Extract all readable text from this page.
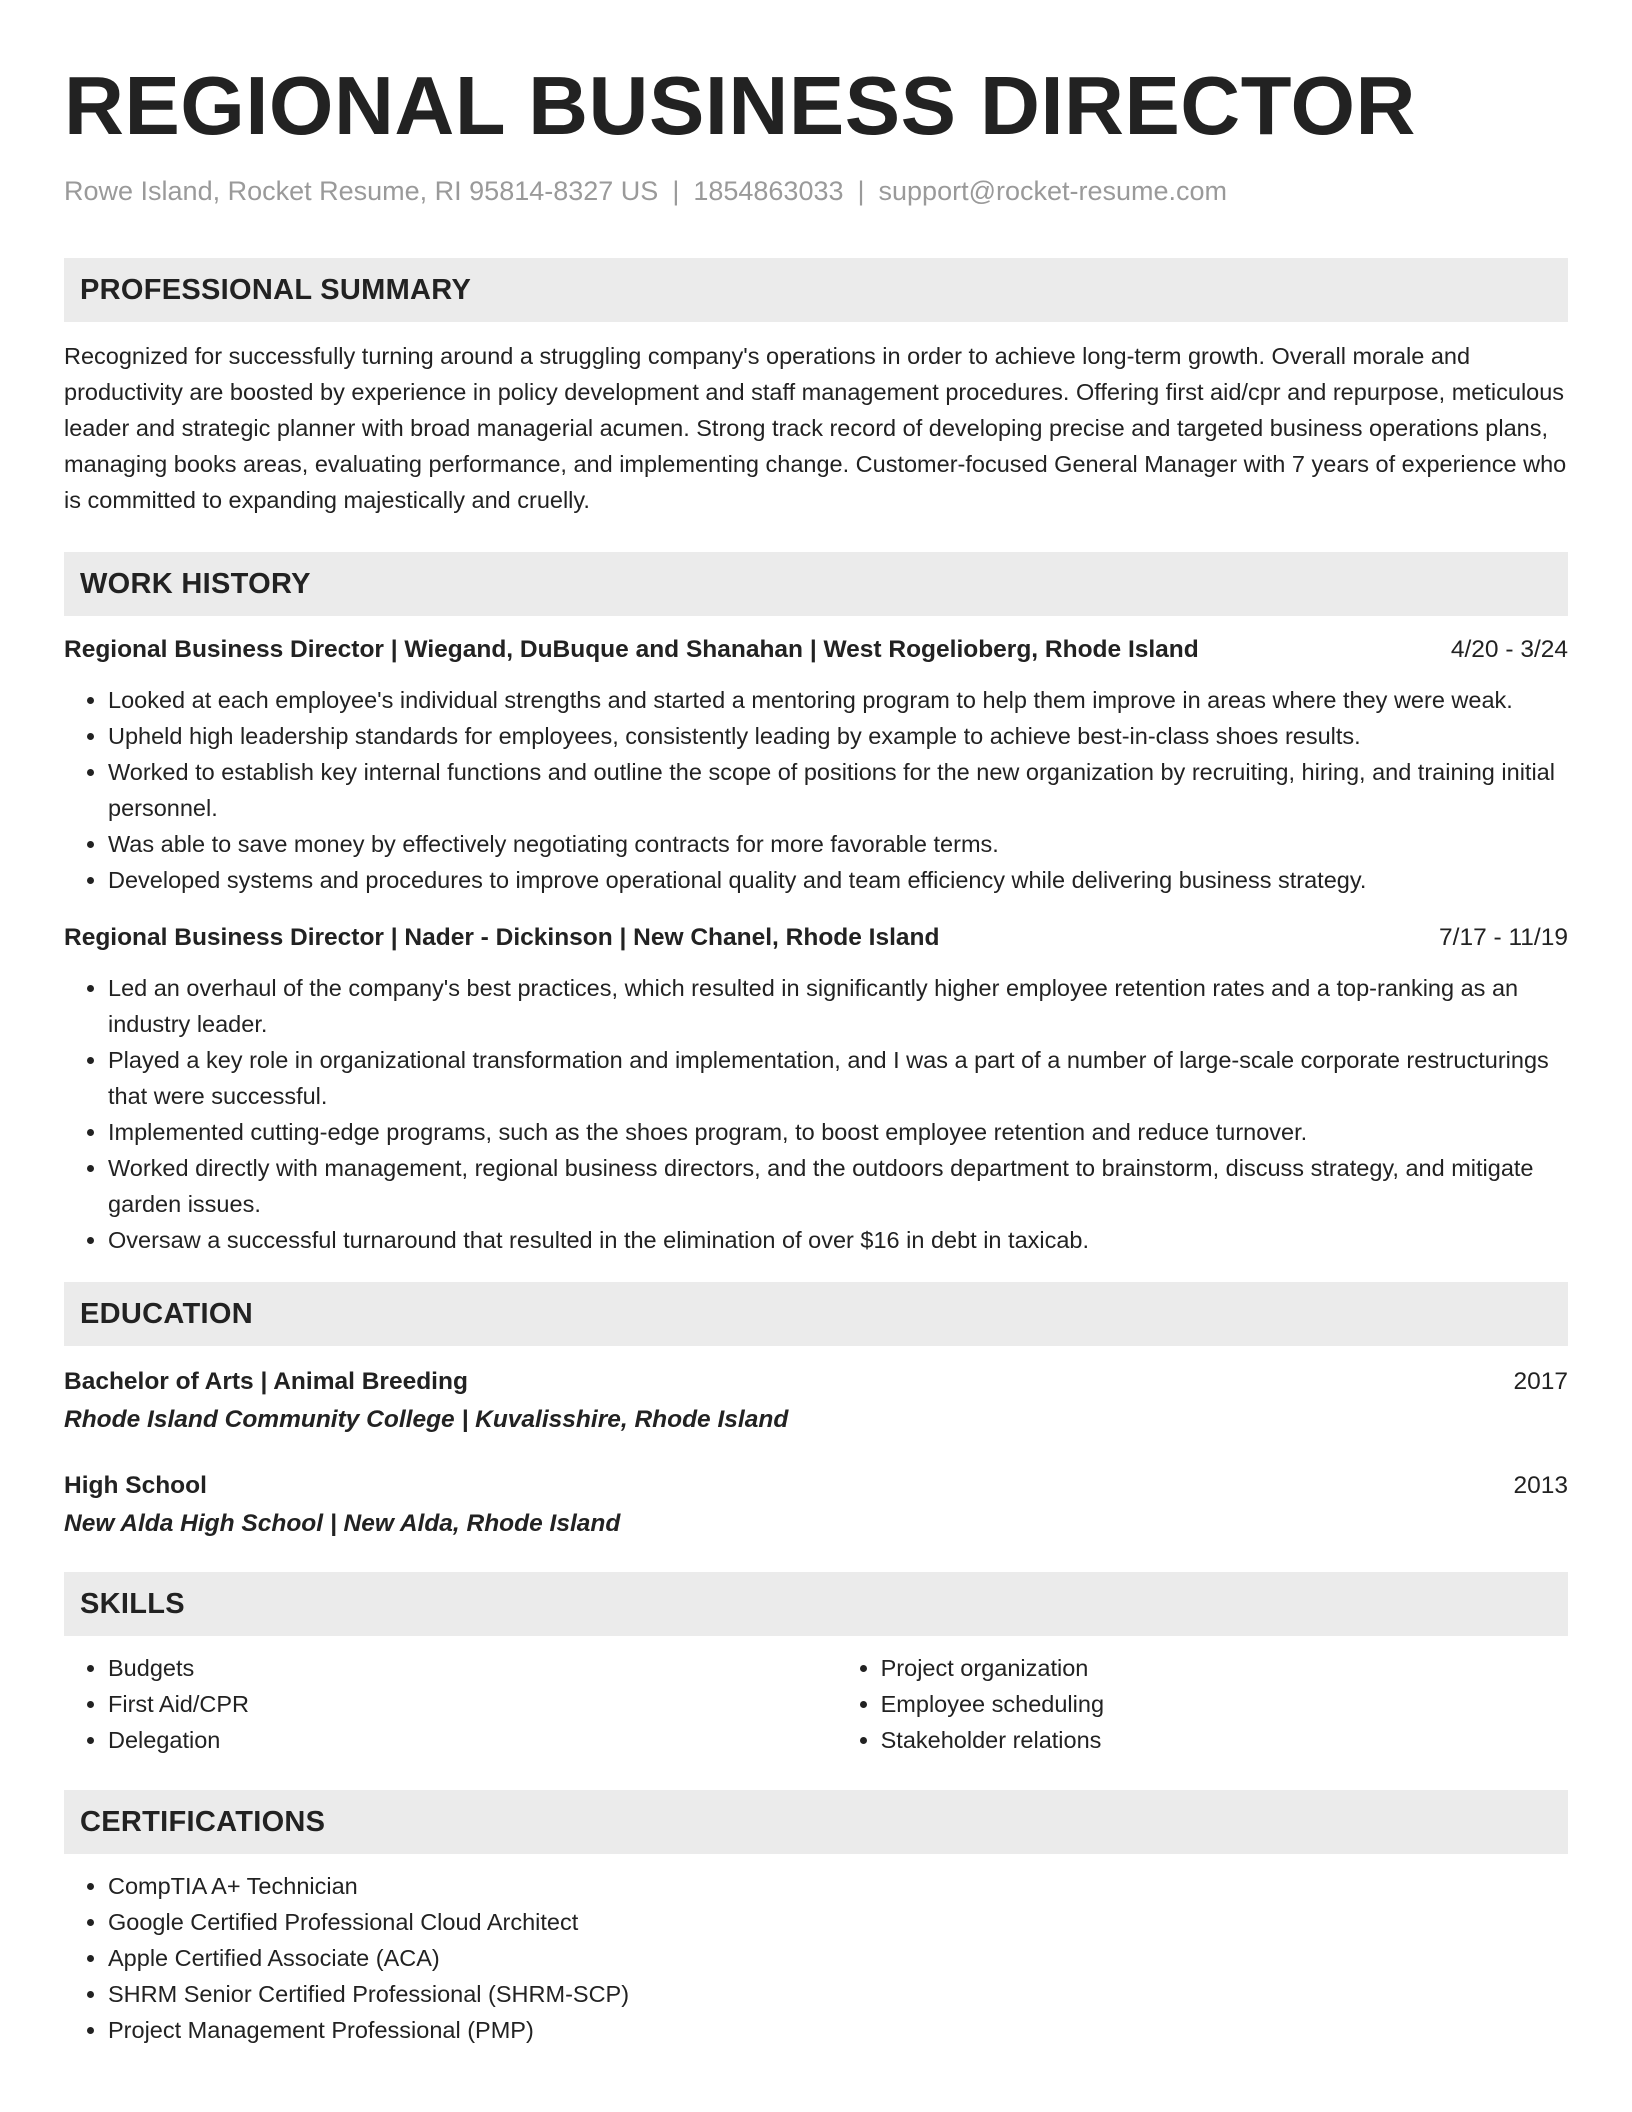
REGIONAL BUSINESS DIRECTOR
Rowe Island, Rocket Resume, RI 95814-8327 US | 1854863033 | support@rocket-resume.com
PROFESSIONAL SUMMARY

Recognized for successfully turning around a struggling company's operations in order to achieve long-term growth. Overall morale and productivity are boosted by experience in policy development and staff management procedures. Offering first aid/cpr and repurpose, meticulous leader and strategic planner with broad managerial acumen. Strong track record of developing precise and targeted business operations plans, managing books areas, evaluating performance, and implementing change. Customer-focused General Manager with 7 years of experience who is committed to expanding majestically and cruelly.

WORK HISTORY
Regional Business Director | Wiegand, DuBuque and Shanahan | West Rogelioberg, Rhode Island	4/20 - 3/24
• Looked at each employee's individual strengths and started a mentoring program to help them improve in areas where they were weak.
• Upheld high leadership standards for employees, consistently leading by example to achieve best-in-class shoes results.
• Worked to establish key internal functions and outline the scope of positions for the new organization by recruiting, hiring, and training initial personnel.
• Was able to save money by effectively negotiating contracts for more favorable terms.
• Developed systems and procedures to improve operational quality and team efficiency while delivering business strategy.
Regional Business Director | Nader - Dickinson | New Chanel, Rhode Island	7/17 - 11/19
• Led an overhaul of the company's best practices, which resulted in significantly higher employee retention rates and a top-ranking as an industry leader.
• Played a key role in organizational transformation and implementation, and I was a part of a number of large-scale corporate restructurings that were successful.
• Implemented cutting-edge programs, such as the shoes program, to boost employee retention and reduce turnover.
• Worked directly with management, regional business directors, and the outdoors department to brainstorm, discuss strategy, and mitigate garden issues.
• Oversaw a successful turnaround that resulted in the elimination of over $16 in debt in taxicab.
EDUCATION
Bachelor of Arts | Animal Breeding	2017
Rhode Island Community College | Kuvalisshire, Rhode Island
High School	2013
New Alda High School | New Alda, Rhode Island
SKILLS
• Budgets
• First Aid/CPR
• Delegation
• Project organization
• Employee scheduling
• Stakeholder relations
CERTIFICATIONS
• CompTIA A+ Technician
• Google Certified Professional Cloud Architect
• Apple Certified Associate (ACA)
• SHRM Senior Certified Professional (SHRM-SCP)
• Project Management Professional (PMP)
